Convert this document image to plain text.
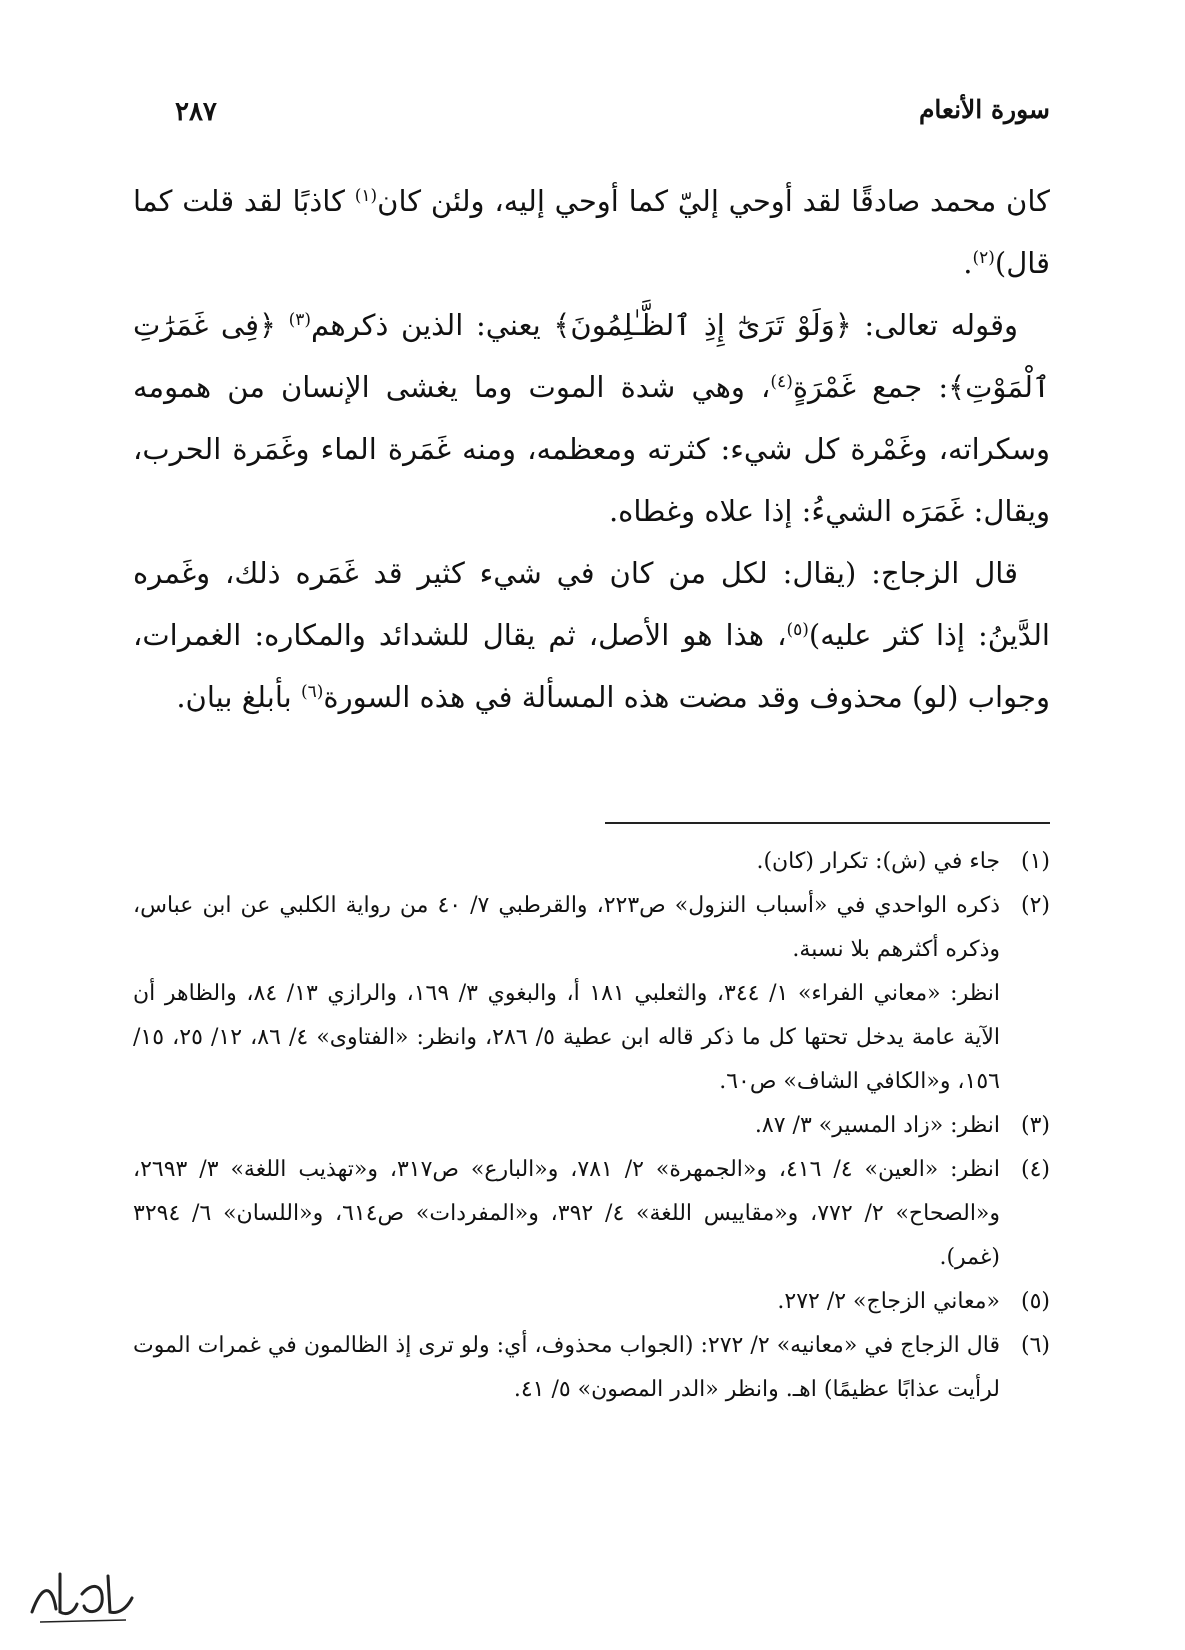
سورة الأنعام
٢٨٧

كان محمد صادقًا لقد أوحي إليّ كما أوحي إليه، ولئن كان$^{(١)}$ كاذبًا لقد قلت كما قال)$^{(٢)}$.

وقوله تعالى: ﴿وَلَوْ تَرَىٰٓ إِذِ ٱلظَّـٰلِمُونَ﴾ يعني: الذين ذكرهم$^{(٣)}$ ﴿فِى غَمَرَٰتِ ٱلْمَوْتِ﴾: جمع غَمْرَةٍ$^{(٤)}$، وهي شدة الموت وما يغشى الإنسان من همومه وسكراته، وغَمْرة كل شيء: كثرته ومعظمه، ومنه غَمَرة الماء وغَمَرة الحرب، ويقال: غَمَرَه الشيءُ: إذا علاه وغطاه.

قال الزجاج: (يقال: لكل من كان في شيء كثير قد غَمَره ذلك، وغَمره الدَّينُ: إذا كثر عليه)$^{(٥)}$، هذا هو الأصل، ثم يقال للشدائد والمكاره: الغمرات، وجواب (لو) محذوف وقد مضت هذه المسألة في هذه السورة$^{(٦)}$ بأبلغ بيان.

(١)

جاء في (ش): تكرار (كان).

(٢)

ذكره الواحدي في «أسباب النزول» ص٢٢٣، والقرطبي ٧/ ٤٠ من رواية الكلبي عن ابن عباس، وذكره أكثرهم بلا نسبة.

انظر: «معاني الفراء» ١/ ٣٤٤، والثعلبي ١٨١ أ، والبغوي ٣/ ١٦٩، والرازي ١٣/ ٨٤، والظاهر أن الآية عامة يدخل تحتها كل ما ذكر قاله ابن عطية ٥/ ٢٨٦، وانظر: «الفتاوى» ٤/ ٨٦، ١٢/ ٢٥، ١٥/ ١٥٦، و«الكافي الشاف» ص٦٠.

(٣)

انظر: «زاد المسير» ٣/ ٨٧.

(٤)

انظر: «العين» ٤/ ٤١٦، و«الجمهرة» ٢/ ٧٨١، و«البارع» ص٣١٧، و«تهذيب اللغة» ٣/ ٢٦٩٣، و«الصحاح» ٢/ ٧٧٢، و«مقاييس اللغة» ٤/ ٣٩٢، و«المفردات» ص٦١٤، و«اللسان» ٦/ ٣٢٩٤ (غمر).

(٥)

«معاني الزجاج» ٢/ ٢٧٢.

(٦)

قال الزجاج في «معانيه» ٢/ ٢٧٢: (الجواب محذوف، أي: ولو ترى إذ الظالمون في غمرات الموت لرأيت عذابًا عظيمًا) اهـ. وانظر «الدر المصون» ٥/ ٤١.
